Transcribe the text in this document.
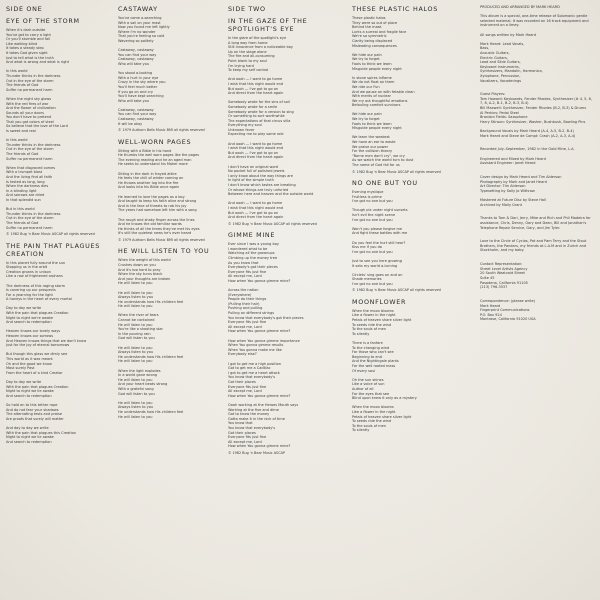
SIDE ONE
EYE OF THE STORM
When it's dark outside
You've got to carry a light
Or you'll stumble and fall
Like walking blind
It takes a steady step
It takes God given sight
Just to tell what is the truth
And what is wrong and what is right
In this world
Thunder thinks in the darkness
Out in the eye of the storm
The friends of God
Suffer no permanent harm
When the night sky glows
With the red fires of war
And the flower of civilization
Sounds all your doors
You don't have to pretend
That you got colors of steel
So believe that the love of the Lord
Is sweet and real
In this world
Thunder thinks in the darkness
Out in the eye of the storm
The friends of God
Suffer no permanent harm
When that disgraced comes
With a trumpet blast
And the living find all faith
Is tested as long, long
When the darkness dies
In a blinding light
And sorrows are dried
In that splendid sun
But in this world
Thunder thinks in the darkness
Out in the eye of the storm
The friends of God
Suffer no permanent harm
© 1982 Bug 'n Bear Music ASCAP all rights reserved
THE PAIN THAT PLAGUES CREATION
In this planet fully around the sun
Stopping us in the orbit
Creation groans in unison
Like a row of frightened orphans
The darkness of this raging storm
Is covering up our prospects
For a yearning for the light
A honeys in the heart of every mortal
Day to day we write
With the pain that plagues Creation
Night to night we're awake
And search to redemption
Heaven knows our lonely ways
Heaven knows our sorrows
And Heaven knows things that we don't know
Just for the joy of eternal tomorrows
But though this glass we dimly see
This world as it was meant
Oh and the good we know
Most surely Past
From the heart of a kind Creator
Day to day we write
With the pain that plagues Creation
Night to night we lie awake
And search to redemption
So hold on to this tether rope
And do not fear your shadows
The alternating tests and praise
Are proofs that surely will matter
And day to day we write
With the pain that plagues this Creation
Night to night we lie awake
And search to redemption
CASTAWAY
You've come a-searching
With a sail on your mast
Now you found me left lightly
Where I'm no wonder
That you're feeling so cold
Wavering so politely
Castaway, castaway
You can find your way
Castaway, castaway
Who will take you
You stood a-looking
With a hurt in your eye
Crazy in the sky where you
You'll feel much better
If you go on and cry
You'll have kept searching
Who will take you
Castaway, castaway
You can find your way
Castaway, castaway
It will be okay
© 1979 Authorn Bells Music BMI all rights reserved
WELL-WORN PAGES
Sitting with a Bible in his hand
He thumbs the well worn pages like the pages
The evening reading and he an aged man
He seeks to understand his Maker more
Sitting in the dark in frayed attire
He feels the chill of winter coming on
He throws another log into the fire
And looks into his Bible once again
He learned to love the pages as a boy
And taught to keep his faith alive and strong
And in the face of threats to rob his joy
The years had somehow left him with a song
The rough and shaky finger across the lines
And he knows the old familiar words
He thinks of all the times they've met his eyes
It's still the quietest news he's ever heard
© 1979 Authorn Bells Music BMI all rights reserved
HE WILL LISTEN TO YOU
When the weight of this world
Crushes down on you
And it's too hard to pray
When the sky turns black
And your thoughts are broken
He will listen to you
He will listen to you
Always listen to you
He understands how His children feel
He will listen to you
When the river of tears
Cannot be contained
He will listen to you
You're like a shooting star
In the pouring rain
God will listen to you
He will listen to you
Always listen to you
He understands how His children feel
He will listen to you
When the light explodes
In a world gone wrong
He will listen to you
And your heart beats strong
With a grateful song
God will listen to you
He will listen to you
Always listen to you
He understands how His children feel
He will listen to you
SIDE TWO
IN THE GAZE OF THE SPOTLIGHT'S EYE
In the glare of the spotlight's eye
A long way from home
Still innocence from a noticeable boy
Up on the stage alone
The fire and all-consuming
Point blank to my soul
I'm trying hard
To keep my self control
And oooh — I want to go home
I wish that this night would end
But oooh — I've got to go on
And direct from the heart again
Somebody wrote for the sins of soil
Somebody wrote for a smile
Somebody wrote for a version to sing
Or something to sort worthwhile
The expectations of that circus villa
Everything my soul
Unknown fever
Expecting me to play some role
And oooh — I want to go home
I wish that this night would end
But oooh — I've got to go on
And direct from the heart again
I don't have an original word
No pocket full of polished jewels
I only know about the way things are
In light of the simple truth
I don't know which tastes are breaking
Or whose things are truly unfurled
Between here and heaven and the outside world
And oooh — I want to go home
I wish that this night would end
But oooh — I've got to go on
And direct from the heart again
© 1982 Bug 'n Bear Music ASCAP all rights reserved
GIMME MINE
Ever since I was a young boy
I wondered what to be
Watching all the grownups
Climbing up the money tree
As you know that
Everybody's got their pieces
Everyone fits just fine
All except me, Lord
How when You gonna gimme mine?
Across the nation
(Everywhere)
People do their things
(Pulling their hair)
Pushing and pulling
Pulling on different strings
You know that everybody's got their pieces
Everyone fits just fine
All except me, Lord
How when You gonna gimme mine?
How when You gonna gimme importance
When You gonna gimme results
When You gonna make me like
Everybody else?
I got to get me a high position
Got to get me a Cadillac
I got to get me a heart attack
You know that everybody's
Got their places
Everyone fits just fine
All except me, Lord
How when You gonna gimme mine?
Oooh working at the Heroes Mouth says
Working at the five and dime
Got to know the money
Gotta make it in the nick of time
You know that
You know that everybody's
Got their places
Everyone fits just fine
All except me, Lord
How when You gonna gimme mine?
© 1982 Bug 'n Bear Music ASCAP
THESE PLASTIC HALOS
These plastic halos
They were so out of place
Behind the mask
Lurks a surreal and fragile face
We're so symmetric
Clarity being displaced
Misleading consequences
We hide our pain
We try to forget
Fools to think we learn
Misguide people every night
In stone spires inflame
We do not float on them
We ride our Fun
And we pause on with fetable clean
With merits of nuclear
We cry out thoughtful emotions
Befouling comfort survivors
We hide our pain
We try to forget
Fools to think we learn
Misguide people every night
We learn the weakest
We have an ear to waste
We praise our power
For the collision theory
"Borne men don't cry", we cry
As we watch the world turn to dust
The name of God fall for us
© 1982 Bug 'n Bear Music ASCAP all rights reserved
NO ONE BUT YOU
Evening mystique
Fruitless is prime
I've got no one but you
Though pix under night sunsets
Isn't evil the night scene
I've got no one but you
Won't you please forgive me
And fight these battles with me
Do you feel the hurt still hear?
Kiss me if you do
I've got no one but you
Just to see you here growing
It sets my world a-turning
Circlets' sing goes on and on
Shade memories
I've got no one but you
© 1982 Bug 'n Bear Music ASCAP all rights reserved
MOONFLOWER
When the moon blooms
Like a flower in the night
Petals of heaven share silver light
To seeds ride the wind
To the souls of men
To silently
There is a fanfare
To the changing wind
For those who can't see
Beginning to end
And the Nightingale plants
For the well rooted mass
Of every soul
Oh the sun shines
Like a voice of sun
Author of all
For the eyes that see
Blind upon knew it only as a mystery
When the moon blooms
Like a flower in the night
Petals of heaven share silver light
To seeds ride the wind
To the souls of men
To silently
PRODUCED AND ARRANGED BY MARK HEARD
This album is a special, one-time release of Solomonic gentle selected material. It was recorded on 16 track equipment and instrument on a limey.
All songs written by Mark Heard
Mark Heard: Lead Vocals,
Bass,
Acoustic Guitars,
Electric Guitars,
Lead and Slide Guitars,
Keyboard Instruments,
Synthesizers, Mandolin, Harmonica,
Xylophone, Percussion,
Vocalizers, Vocoderings
Guest Players:
Tom Howard: Keyboards, Fender Rhodes, Synthesizer (# 4, 5, 6, 7, 8, A-2, B-1, B-2, B-3, B-4)
Bill Maxwell: Synthesizer, Fender Rhodes (B-2, B-3) & Drums
Al Perkins: Pedal Steel
Brandon Fields: Saxophone
Harry Stinson: Synthesizer, Washer, Bushbush, Bowling Pins
Background Vocals by Mark Heard (A-4, A-5, B-2, B-4)
Mark Heard and Steve de Compt: Crash (A-2, A-3, A-4)
Recorded July–September, 1982 in the Gold Mine, L.A.
Engineered and Mixed by Mark Heard
Assistant Engineer: Janet Heard
Cover design by Mark Heard and Tim Alderson
Photography by Mark and Janet Heard
Art Director: Tim Alderson
Typesetting by Sally Jo Withrow
Mastered at Future Disc by Steve Hall
Archived by Molly Grant
Thanks to Tom & Dari, Jerry, Mike and Rich and Phil Madeira for assistance, Chris, Denny, Gary and Dean, Bill and Jonathan's Telephone Repair Service, Gary, and Jim Tyler.
Love to the Circle of Cyclos, Pat and Pam Terry and the Stout Brothers, the Pandars, my friends at L.A.M and in Zurich and Stockholm, and my baby.
Contact Representation:
Street Level Artists Agency
20 South Weatvoid Street
Suite 45
Pasadena, California 91105
(213) 796-3537
Correspondence: (please write)
Mark Heard
Fingerprint Communications
P.O. Box 924
Montrose, California 91020 USA
